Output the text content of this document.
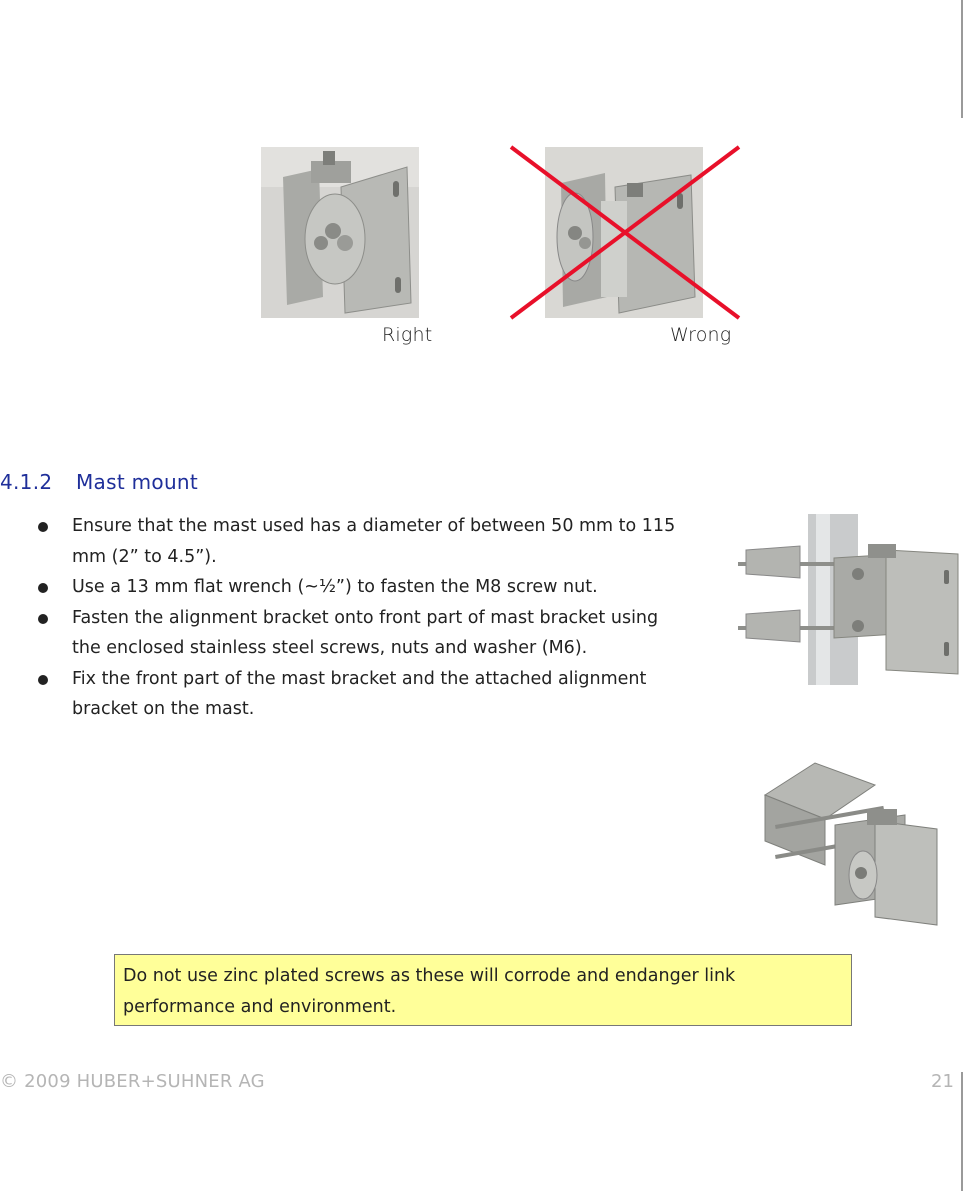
Right	Wrong
4.1.2 Mast mount
Ensure that the mast used has a diameter of between 50 mm to 115 mm (2” to 4.5”).
Use a 13 mm flat wrench (~½”) to fasten the M8 screw nut.
Fasten the alignment bracket onto front part of mast bracket using the enclosed stainless steel screws, nuts and washer (M6).
Fix the front part of the mast bracket and the attached alignment bracket on the mast.
Do not use zinc plated screws as these will corrode and endanger link performance and environment.
© 2009 HUBER+SUHNER AG	21
